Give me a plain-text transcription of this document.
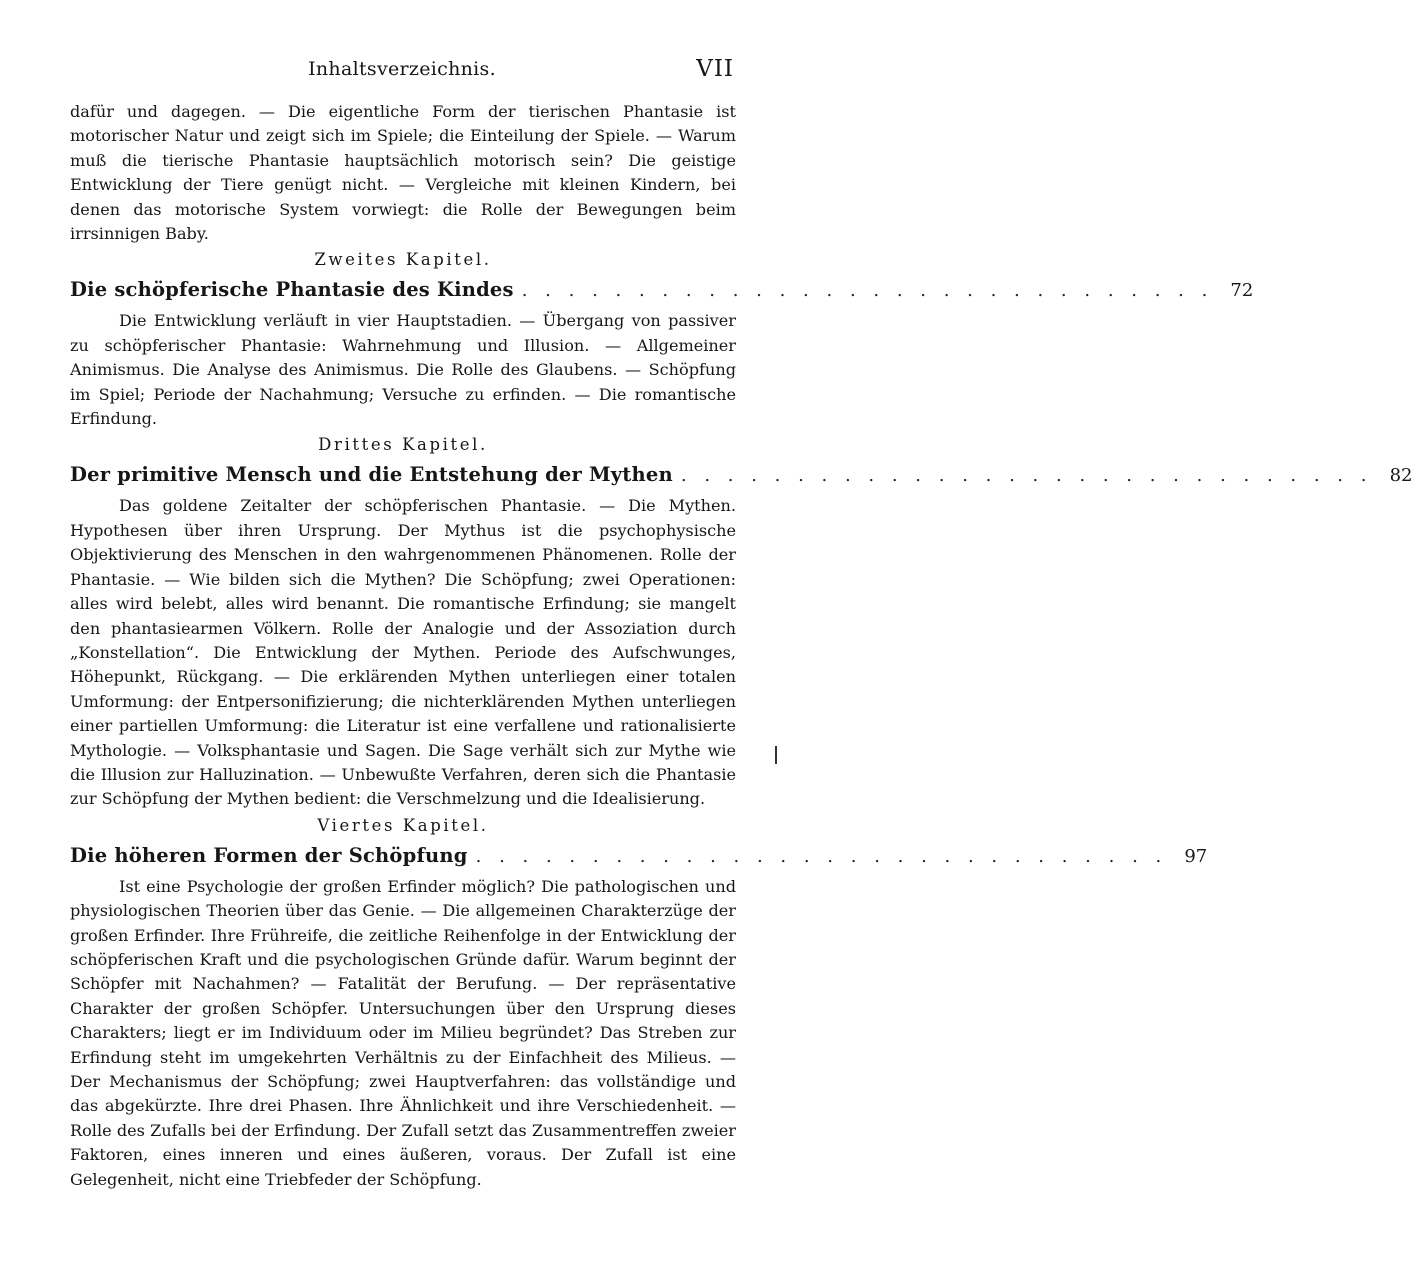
Inhaltsverzeichnis.	VII

dafür und dagegen. — Die eigentliche Form der tierischen Phantasie ist motorischer Natur und zeigt sich im Spiele; die Einteilung der Spiele. — Warum muß die tierische Phantasie hauptsächlich motorisch sein? Die geistige Entwicklung der Tiere genügt nicht. — Vergleiche mit kleinen Kindern, bei denen das motorische System vorwiegt: die Rolle der Bewegungen beim irrsinnigen Baby.

Zweites Kapitel.
Die schöpferische Phantasie des Kindes . . . . . . . . . . . . . . . . . . . . . . . . . . . . . . 72

Die Entwicklung verläuft in vier Hauptstadien. — Übergang von passiver zu schöpferischer Phantasie: Wahrnehmung und Illusion. — Allgemeiner Animismus. Die Analyse des Animismus. Die Rolle des Glaubens. — Schöpfung im Spiel; Periode der Nachahmung; Versuche zu erfinden. — Die romantische Erfindung.

Drittes Kapitel.
Der primitive Mensch und die Entstehung der Mythen . . . . . . . . . . . . . . . . . . . . . . . . . . . . . . 82

Das goldene Zeitalter der schöpferischen Phantasie. — Die Mythen. Hypothesen über ihren Ursprung. Der Mythus ist die psychophysische Objektivierung des Menschen in den wahrgenommenen Phänomenen. Rolle der Phantasie. — Wie bilden sich die Mythen? Die Schöpfung; zwei Operationen: alles wird belebt, alles wird benannt. Die romantische Erfindung; sie mangelt den phantasiearmen Völkern. Rolle der Analogie und der Assoziation durch „Konstellation“. Die Entwicklung der Mythen. Periode des Aufschwunges, Höhepunkt, Rückgang. — Die erklärenden Mythen unterliegen einer totalen Umformung: der Entpersonifizierung; die nichterklärenden Mythen unterliegen einer partiellen Umformung: die Literatur ist eine verfallene und rationalisierte Mythologie. — Volksphantasie und Sagen. Die Sage verhält sich zur Mythe wie die Illusion zur Halluzination. — Unbewußte Verfahren, deren sich die Phantasie zur Schöpfung der Mythen bedient: die Verschmelzung und die Idealisierung.

Viertes Kapitel.
Die höheren Formen der Schöpfung . . . . . . . . . . . . . . . . . . . . . . . . . . . . . . 97

Ist eine Psychologie der großen Erfinder möglich? Die pathologischen und physiologischen Theorien über das Genie. — Die allgemeinen Charakterzüge der großen Erfinder. Ihre Frühreife, die zeitliche Reihenfolge in der Entwicklung der schöpferischen Kraft und die psychologischen Gründe dafür. Warum beginnt der Schöpfer mit Nachahmen? — Fatalität der Berufung. — Der repräsentative Charakter der großen Schöpfer. Untersuchungen über den Ursprung dieses Charakters; liegt er im Individuum oder im Milieu begründet? Das Streben zur Erfindung steht im umgekehrten Verhältnis zu der Einfachheit des Milieus. — Der Mechanismus der Schöpfung; zwei Hauptverfahren: das vollständige und das abgekürzte. Ihre drei Phasen. Ihre Ähnlichkeit und ihre Verschiedenheit. — Rolle des Zufalls bei der Erfindung. Der Zufall setzt das Zusammentreffen zweier Faktoren, eines inneren und eines äußeren, voraus. Der Zufall ist eine Gelegenheit, nicht eine Triebfeder der Schöpfung.
